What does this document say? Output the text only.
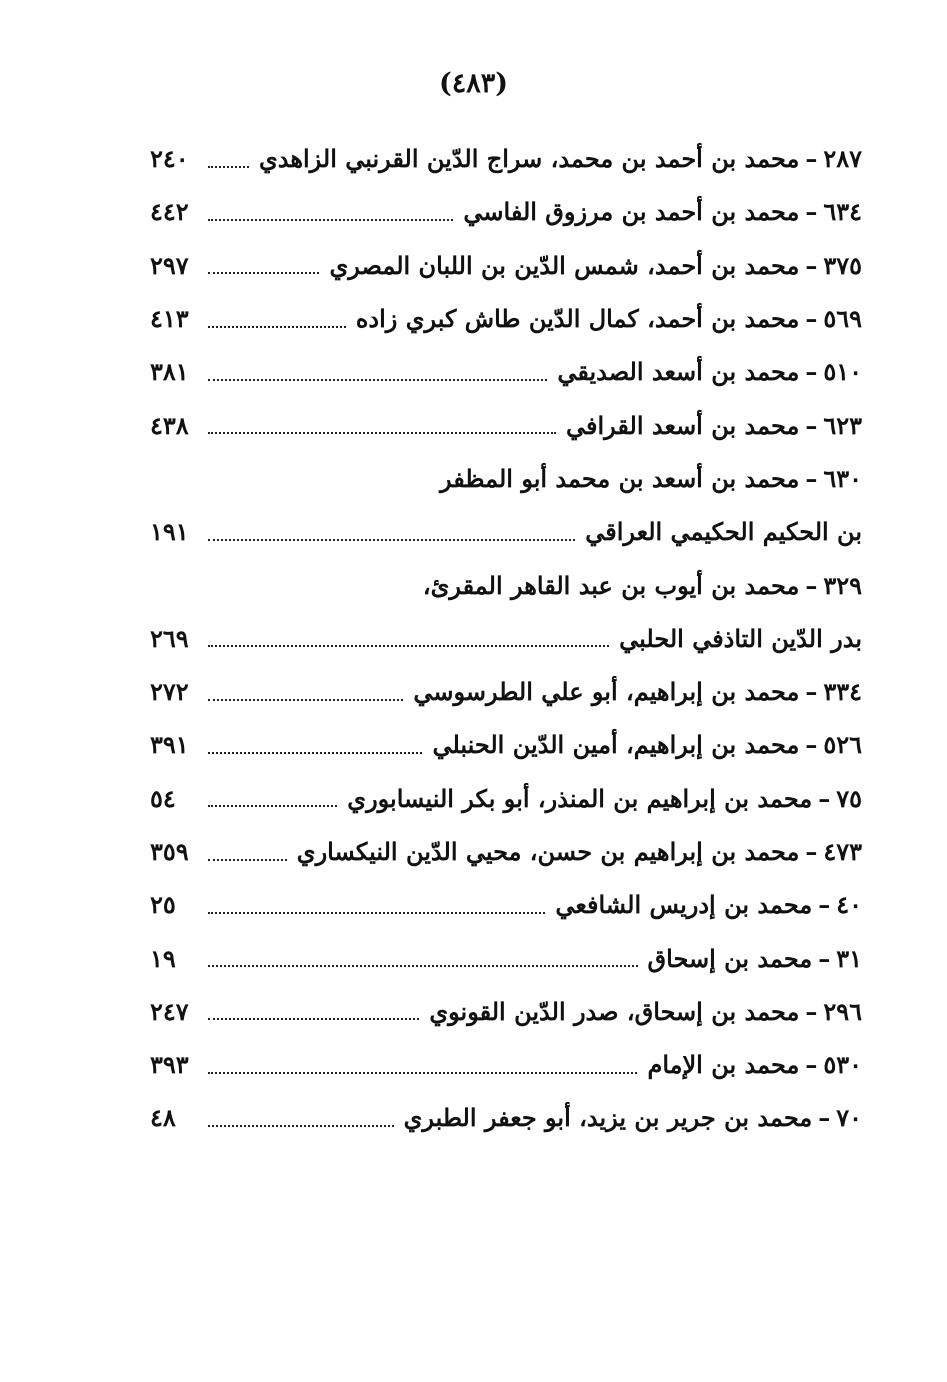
(٤٨٣)
٢٨٧
–
محمد بن أحمد بن محمد، سراج الدّين القرنبي الزاهدي
٢٤٠
٦٣٤
–
محمد بن أحمد بن مرزوق الفاسي
٤٤٢
٣٧٥
–
محمد بن أحمد، شمس الدّين بن اللبان المصري
٢٩٧
٥٦٩
–
محمد بن أحمد، كمال الدّين طاش كبري زاده
٤١٣
٥١٠
–
محمد بن أسعد الصديقي
٣٨١
٦٢٣
–
محمد بن أسعد القرافي
٤٣٨
٦٣٠
–
محمد بن أسعد بن محمد أبو المظفر
بن الحكيم الحكيمي العراقي
١٩١
٣٢٩
–
محمد بن أيوب بن عبد القاهر المقرئ،
بدر الدّين التاذفي الحلبي
٢٦٩
٣٣٤
–
محمد بن إبراهيم، أبو علي الطرسوسي
٢٧٢
٥٢٦
–
محمد بن إبراهيم، أمين الدّين الحنبلي
٣٩١
٧٥
–
محمد بن إبراهيم بن المنذر، أبو بكر النيسابوري
٥٤
٤٧٣
–
محمد بن إبراهيم بن حسن، محيي الدّين النيكساري
٣٥٩
٤٠
–
محمد بن إدريس الشافعي
٢٥
٣١
–
محمد بن إسحاق
١٩
٢٩٦
–
محمد بن إسحاق، صدر الدّين القونوي
٢٤٧
٥٣٠
–
محمد بن الإمام
٣٩٣
٧٠
–
محمد بن جرير بن يزيد، أبو جعفر الطبري
٤٨
